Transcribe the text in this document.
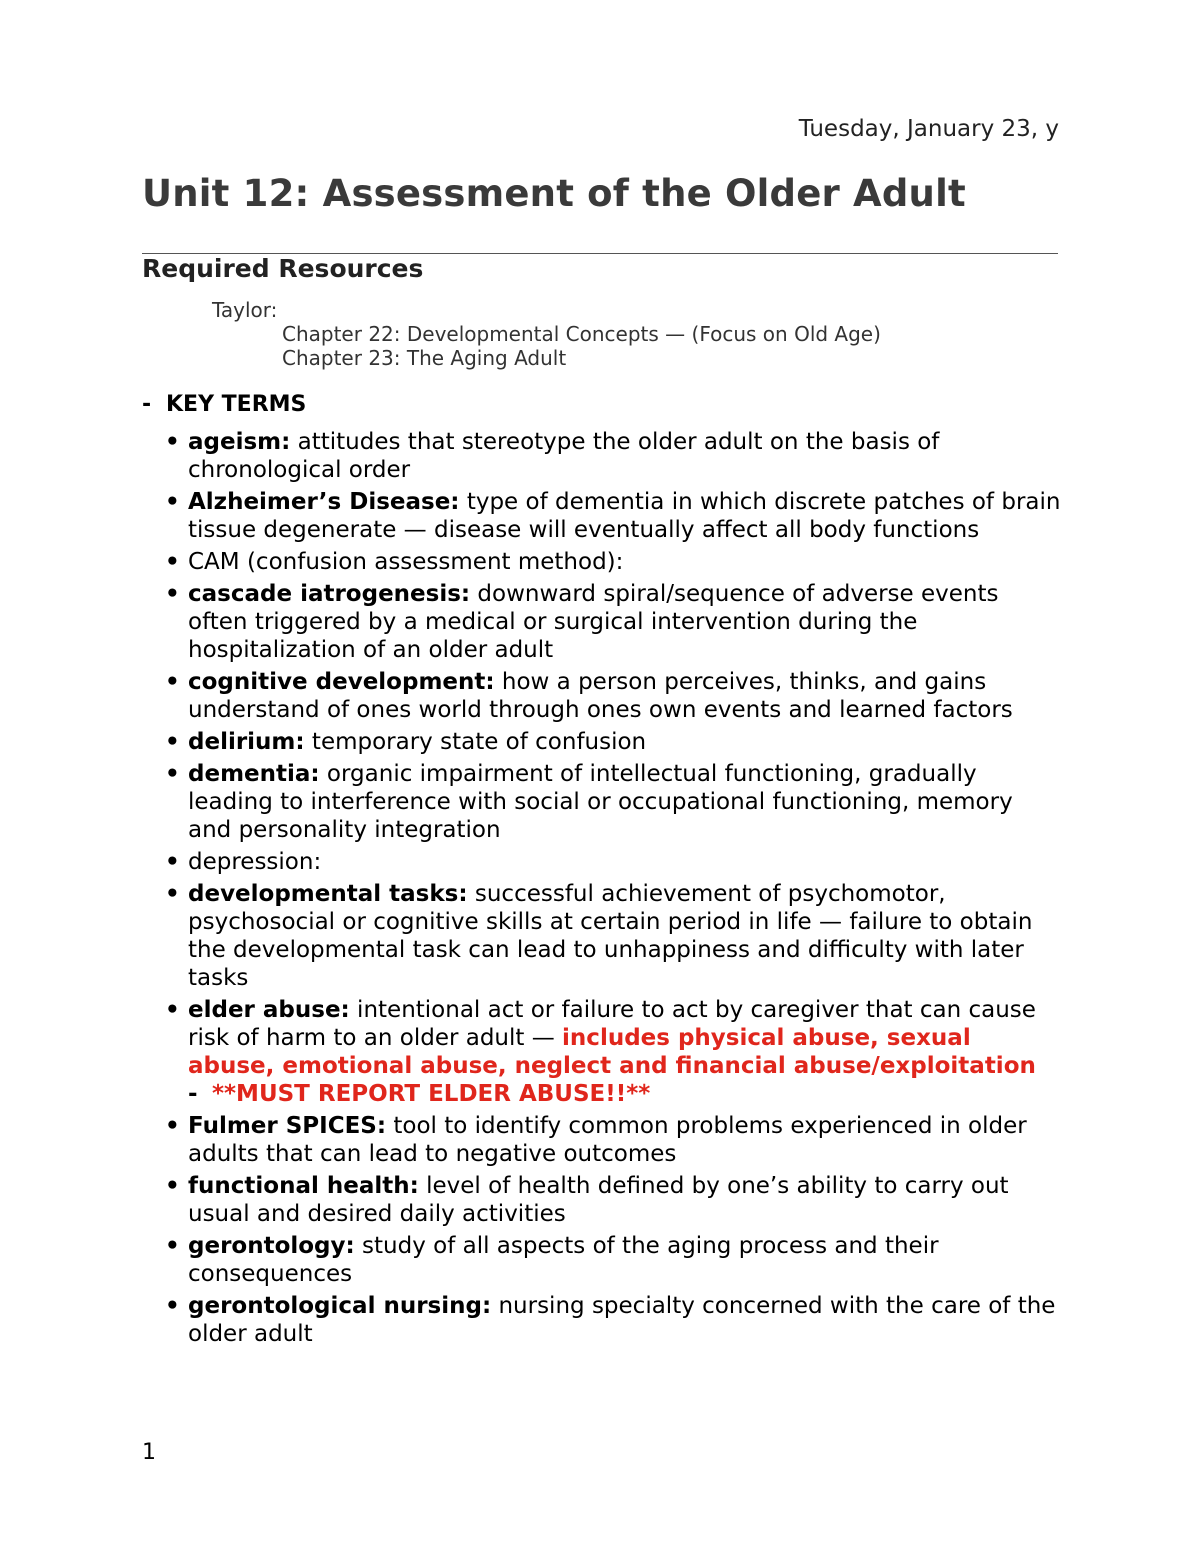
Tuesday, January 23, y
Unit 12: Assessment of the Older Adult
Required Resources
Taylor:
Chapter 22: Developmental Concepts — (Focus on Old Age)
Chapter 23: The Aging Adult
- KEY TERMS
• ageism: attitudes that stereotype the older adult on the basis of chronological order
• Alzheimer’s Disease: type of dementia in which discrete patches of brain tissue degenerate — disease will eventually affect all body functions
• CAM (confusion assessment method):
• cascade iatrogenesis: downward spiral/sequence of adverse events often triggered by a medical or surgical intervention during the hospitalization of an older adult
• cognitive development: how a person perceives, thinks, and gains understand of ones world through ones own events and learned factors
• delirium: temporary state of confusion
• dementia: organic impairment of intellectual functioning, gradually leading to interference with social or occupational functioning, memory and personality integration
• depression:
• developmental tasks: successful achievement of psychomotor, psychosocial or cognitive skills at certain period in life — failure to obtain the developmental task can lead to unhappiness and difficulty with later tasks
• elder abuse: intentional act or failure to act by caregiver that can cause risk of harm to an older adult — includes physical abuse, sexual abuse, emotional abuse, neglect and financial abuse/exploitation
- **MUST REPORT ELDER ABUSE!!**
• Fulmer SPICES: tool to identify common problems experienced in older adults that can lead to negative outcomes
• functional health: level of health defined by one’s ability to carry out usual and desired daily activities
• gerontology: study of all aspects of the aging process and their consequences
• gerontological nursing: nursing specialty concerned with the care of the older adult
1
